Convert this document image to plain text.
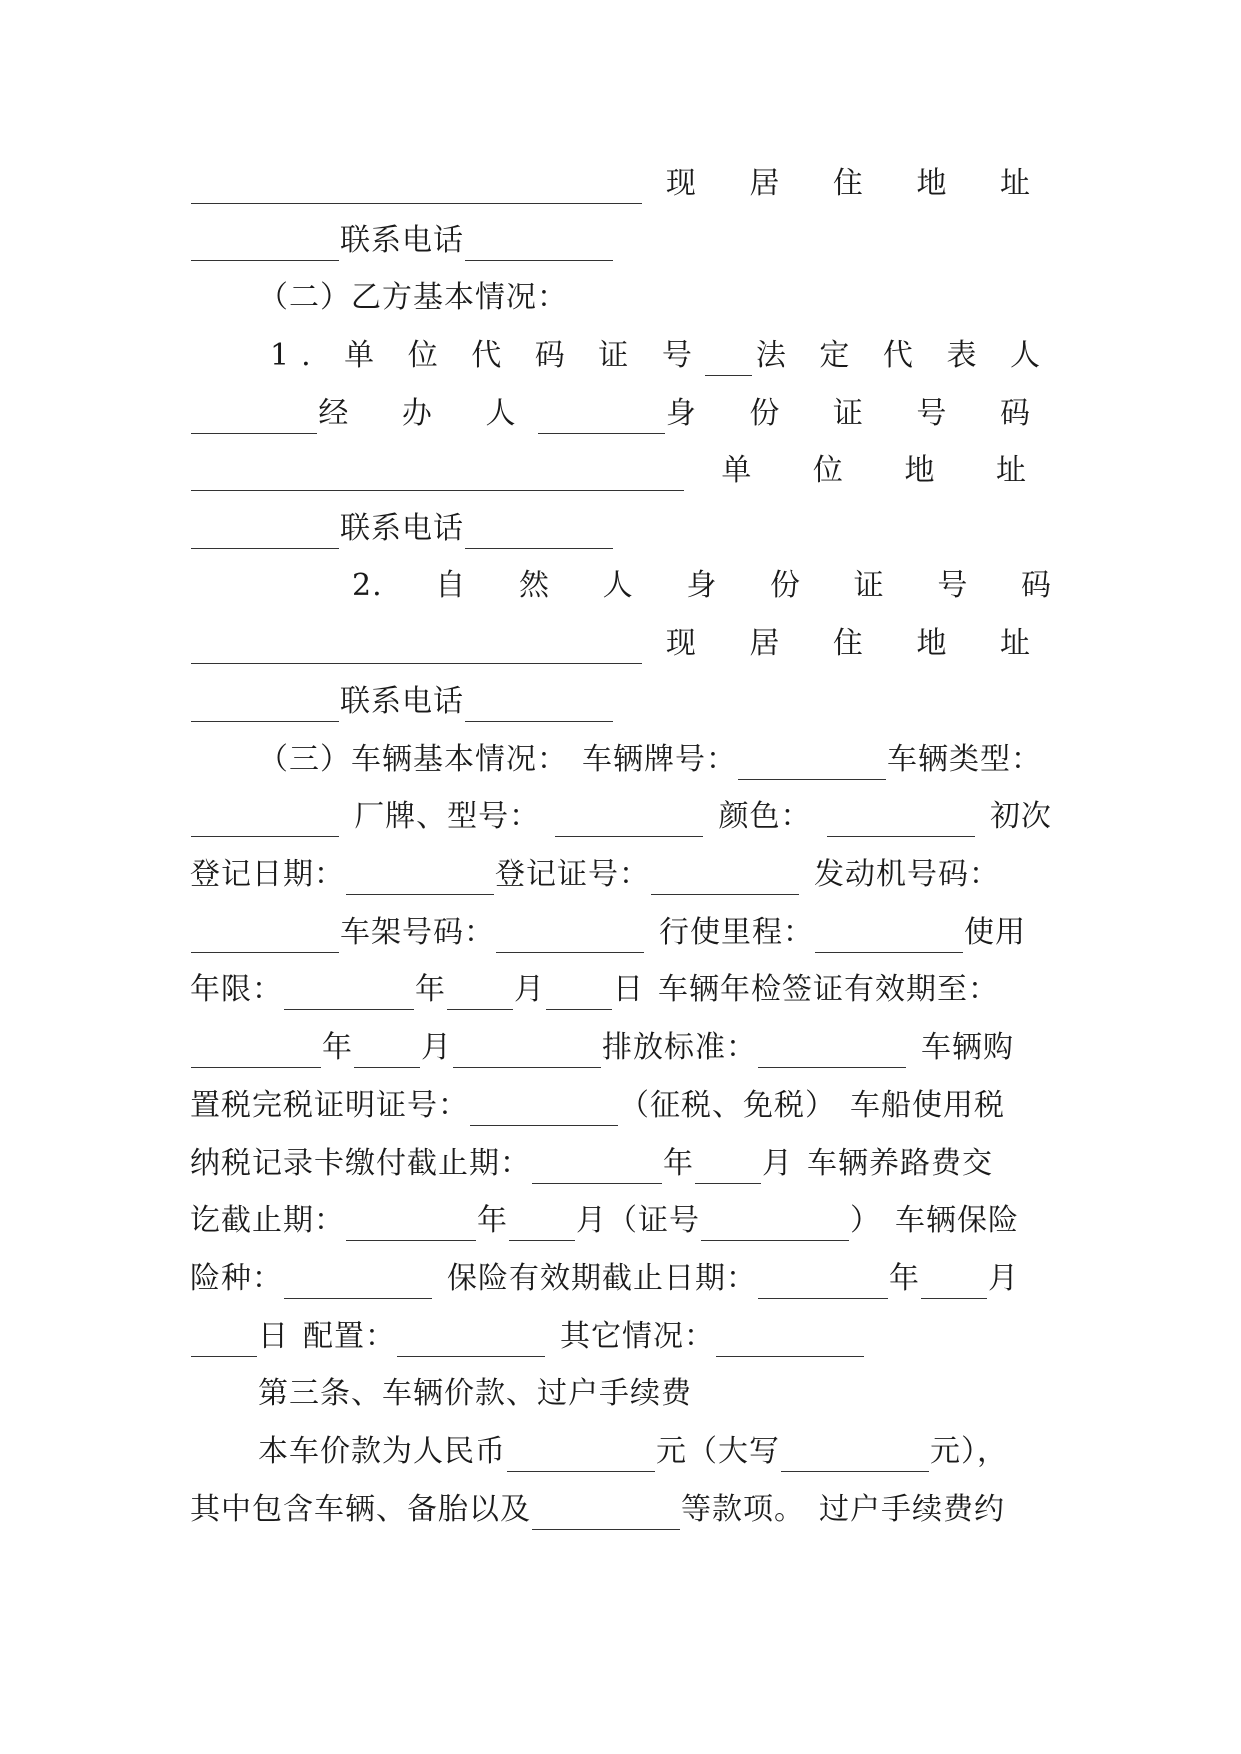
现 居 住 地 址
联系电话
（二）乙方基本情况：
1. 单 位 代 码 证 号 法 定 代 表 人
经 办 人	身 份 证 号 码
单 位 地 址
联系电话
2. 自 然 人 身 份 证 号 码
现 居 住 地 址
联系电话
（三）车辆基本情况： 车辆牌号：	车辆类型：
厂牌、型号：	颜色：	初次
登记日期：	登记证号：	发动机号码：
车架号码：	行使里程：	使用
年限：	年 月 日 车辆年检签证有效期至：
年 月	排放标准：	车辆购
置税完税证明证号：	（征税、免税） 车船使用税
纳税记录卡缴付截止期：	年 月 车辆养路费交
讫截止期：	年 月（证号	） 车辆保险
险种：	保险有效期截止日期：	年 月
日 配置：	其它情况：
第三条、车辆价款、过户手续费
本车价款为人民币	元（大写	元），
其中包含车辆、备胎以及	等款项。 过户手续费约
